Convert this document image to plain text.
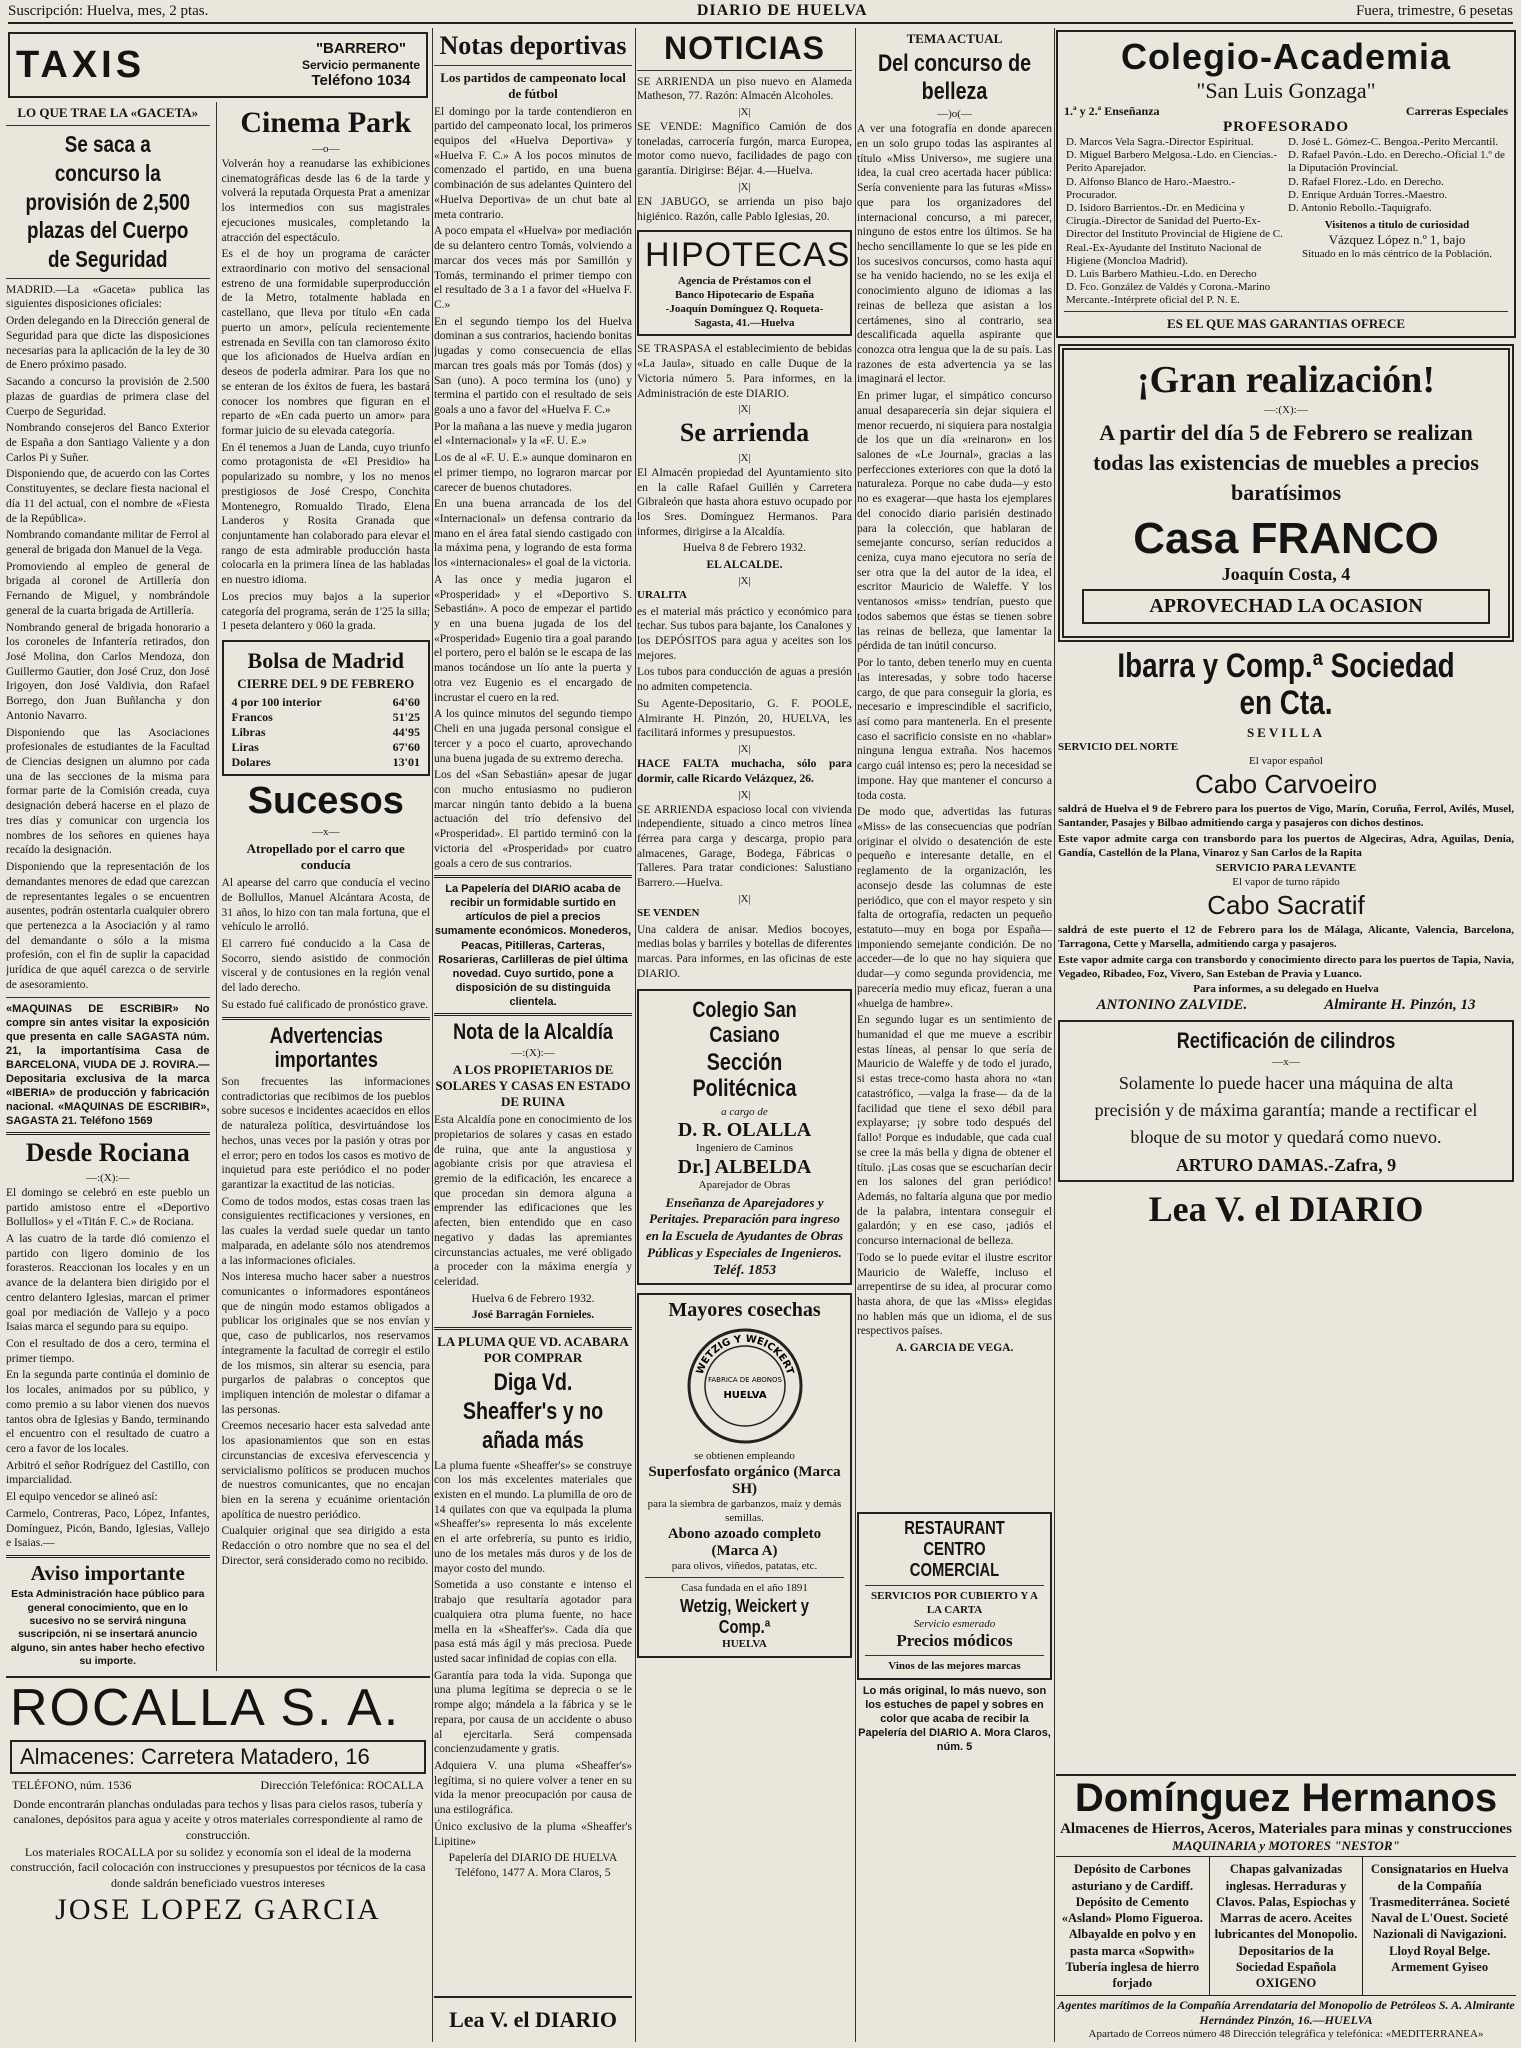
Suscripción: Huelva, mes, 2 ptas.	DIARIO DE HUELVA	Fuera, trimestre, 6 pesetas
TAXIS	"BARRERO"
Servicio permanente
Teléfono 1034
LO QUE TRAE LA «GACETA»
Se saca a concurso la provisión de 2,500 plazas del Cuerpo de Seguridad

MADRID.—La «Gaceta» publica las siguientes disposiciones oficiales:

Orden delegando en la Dirección general de Seguridad para que dicte las disposiciones necesarias para la aplicación de la ley de 30 de Enero próximo pasado.

Sacando a concurso la provisión de 2.500 plazas de guardias de primera clase del Cuerpo de Seguridad.

Nombrando consejeros del Banco Exterior de España a don Santiago Valiente y a don Carlos Pi y Suñer.

Disponiendo que, de acuerdo con las Cortes Constituyentes, se declare fiesta nacional el día 11 del actual, con el nombre de «Fiesta de la República».

Nombrando comandante militar de Ferrol al general de brigada don Manuel de la Vega.

Promoviendo al empleo de general de brigada al coronel de Artillería don Fernando de Miguel, y nombrándole general de la cuarta brigada de Artillería.

Nombrando general de brigada honorario a los coroneles de Infantería retirados, don José Molina, don Carlos Mendoza, don Guillermo Gautier, don José Cruz, don José Irigoyen, don José Valdivia, don Rafael Borrego, don Juan Buñlancha y don Antonio Navarro.

Disponiendo que las Asociaciones profesionales de estudiantes de la Facultad de Ciencias designen un alumno por cada una de las secciones de la misma para formar parte de la Comisión creada, cuya designación deberá hacerse en el plazo de tres días y comunicar con urgencia los nombres de los señores en quienes haya recaído la designación.

Disponiendo que la representación de los demandantes menores de edad que carezcan de representantes legales o se encuentren ausentes, podrán ostentarla cualquier obrero que pertenezca a la Asociación y al ramo del demandante o sólo a la misma profesión, con el fin de suplir la capacidad jurídica de que aquél carezca o de servirle de asesoramiento.

«MAQUINAS DE ESCRIBIR» No compre sin antes visitar la exposición que presenta en calle SAGASTA núm. 21, la importantísima Casa de BARCELONA, VIUDA DE J. ROVIRA.—Depositaria exclusiva de la marca «IBERIA» de producción y fabricación nacional. «MAQUINAS DE ESCRIBIR», SAGASTA 21. Teléfono 1569

Desde Rociana
—:(X):—

El domingo se celebró en este pueblo un partido amistoso entre el «Deportivo Bollullos» y el «Titán F. C.» de Rociana.

A las cuatro de la tarde dió comienzo el partido con ligero dominio de los forasteros. Reaccionan los locales y en un avance de la delantera bien dirigido por el centro delantero Iglesias, marcan el primer goal por mediación de Vallejo y a poco Isaias marca el segundo para su equipo.

Con el resultado de dos a cero, termina el primer tiempo.

En la segunda parte continúa el dominio de los locales, animados por su público, y como premio a su labor vienen dos nuevos tantos obra de Iglesias y Bando, terminando el encuentro con el resultado de cuatro a cero a favor de los locales.

Arbitró el señor Rodríguez del Castillo, con imparcialidad.

El equipo vencedor se alineó así:

Carmelo, Contreras, Paco, López, Infantes, Domínguez, Picón, Bando, Iglesias, Vallejo e Isaias.—

Aviso importante

Esta Administración hace público para general conocimiento, que en lo sucesivo no se servirá ninguna suscripción, ni se insertará anuncio alguno, sin antes haber hecho efectivo su importe.

Cinema Park
—o—

Volverán hoy a reanudarse las exhibiciones cinematográficas desde las 6 de la tarde y volverá la reputada Orquesta Prat a amenizar los intermedios con sus magistrales ejecuciones musicales, completando la atracción del espectáculo.

Es el de hoy un programa de carácter extraordinario con motivo del sensacional estreno de una formidable superproducción de la Metro, totalmente hablada en castellano, que lleva por título «En cada puerto un amor», película recientemente estrenada en Sevilla con tan clamoroso éxito que los aficionados de Huelva ardían en deseos de poderla admirar. Para los que no se enteran de los éxitos de fuera, les bastará conocer los nombres que figuran en el reparto de «En cada puerto un amor» para formar juicio de su elevada categoría.

En él tenemos a Juan de Landa, cuyo triunfo como protagonista de «El Presidio» ha popularizado su nombre, y los no menos prestigiosos de José Crespo, Conchita Montenegro, Romualdo Tirado, Elena Landeros y Rosita Granada que conjuntamente han colaborado para elevar el rango de esta admirable producción hasta colocarla en la primera línea de las habladas en nuestro idioma.

Los precios muy bajos a la superior categoría del programa, serán de 1'25 la silla; 1 peseta delantero y 060 la grada.

Bolsa de Madrid
CIERRE DEL 9 DE FEBRERO
4 por 100 interior	64'60
Francos	51'25
Libras	44'95
Liras	67'60
Dolares	13'01
Sucesos
—x—
Atropellado por el carro que conducía

Al apearse del carro que conducía el vecino de Bollullos, Manuel Alcántara Acosta, de 31 años, lo hizo con tan mala fortuna, que el vehículo le arrolló.

El carrero fué conducido a la Casa de Socorro, siendo asistido de conmoción visceral y de contusiones en la región venal del lado derecho.

Su estado fué calificado de pronóstico grave.

Advertencias importantes

Son frecuentes las informaciones contradictorias que recibimos de los pueblos sobre sucesos e incidentes acaecidos en ellos de naturaleza política, desvirtuándose los hechos, unas veces por la pasión y otras por el error; pero en todos los casos es motivo de inquietud para este periódico el no poder garantizar la exactitud de las noticias.

Como de todos modos, estas cosas traen las consiguientes rectificaciones y versiones, en las cuales la verdad suele quedar un tanto malparada, en adelante sólo nos atendremos a las informaciones oficiales.

Nos interesa mucho hacer saber a nuestros comunicantes o informadores espontáneos que de ningún modo estamos obligados a publicar los originales que se nos envían y que, caso de publicarlos, nos reservamos íntegramente la facultad de corregir el estilo de los mismos, sin alterar su esencia, para purgarlos de palabras o conceptos que impliquen intención de molestar o difamar a las personas.

Creemos necesario hacer esta salvedad ante los apasionamientos que son en estas circunstancias de excesiva efervescencia y servicialismo políticos se producen muchos de nuestros comunicantes, que no encajan bien en la serena y ecuánime orientación apolítica de nuestro periódico.

Cualquier original que sea dirigido a esta Redacción o otro nombre que no sea el del Director, será considerado como no recibido.

ROCALLA S. A.
Almacenes: Carretera Matadero, 16
TELÉFONO, núm. 1536	Dirección Telefónica: ROCALLA

Donde encontrarán planchas onduladas para techos y lisas para cielos rasos, tubería y canalones, depósitos para agua y aceite y otros materiales correspondiente al ramo de construcción.

Los materiales ROCALLA por su solidez y economía son el ideal de la moderna construcción, facil colocación con instrucciones y presupuestos por técnicos de la casa donde saldrán beneficiado vuestros intereses

JOSE LOPEZ GARCIA
Notas deportivas
Los partidos de campeonato local de fútbol

El domingo por la tarde contendieron en partido del campeonato local, los primeros equipos del «Huelva Deportiva» y «Huelva F. C.» A los pocos minutos de comenzado el partido, en una buena combinación de sus adelantes Quintero del «Huelva Deportiva» de un chut bate al meta contrario.

A poco empata el «Huelva» por mediación de su delantero centro Tomás, volviendo a marcar dos veces más por Samillón y Tomás, terminando el primer tiempo con el resultado de 3 a 1 a favor del «Huelva F. C.»

En el segundo tiempo los del Huelva dominan a sus contrarios, haciendo bonitas jugadas y como consecuencia de ellas marcan tres goals más por Tomás (dos) y San (uno). A poco termina los (uno) y termina el partido con el resultado de seis goals a uno a favor del «Huelva F. C.»

Por la mañana a las nueve y media jugaron el «Internacional» y la «F. U. E.»

Los de al «F. U. E.» aunque dominaron en el primer tiempo, no lograron marcar por carecer de buenos chutadores.

En una buena arrancada de los del «Internacional» un defensa contrario da mano en el área fatal siendo castigado con la máxima pena, y logrando de esta forma los «internacionales» el goal de la victoria.

A las once y media jugaron el «Prosperidad» y el «Deportivo S. Sebastián». A poco de empezar el partido y en una buena jugada de los del «Prosperidad» Eugenio tira a goal parando el portero, pero el balón se le escapa de las manos tocándose un lío ante la puerta y otra vez Eugenio es el encargado de incrustar el cuero en la red.

A los quince minutos del segundo tiempo Cheli en una jugada personal consigue el tercer y a poco el cuarto, aprovechando una buena jugada de su extremo derecha.

Los del «San Sebastián» apesar de jugar con mucho entusiasmo no pudieron marcar ningún tanto debido a la buena actuación del trío defensivo del «Prosperidad». El partido terminó con la victoria del «Prosperidad» por cuatro goals a cero de sus contrarios.

La Papelería del DIARIO acaba de recibir un formidable surtido en artículos de piel a precios sumamente económicos. Monederos, Peacas, Pitilleras, Carteras, Rosarieras, Carlilleras de piel última novedad. Cuyo surtido, pone a disposición de su distinguida clientela.

Nota de la Alcaldía
—:(X):—
A LOS PROPIETARIOS DE SOLARES Y CASAS EN ESTADO DE RUINA

Esta Alcaldía pone en conocimiento de los propietarios de solares y casas en estado de ruina, que ante la angustiosa y agobiante crisis por que atraviesa el gremio de la edificación, les encarece a que procedan sin demora alguna a emprender las edificaciones que les afecten, bien entendido que en caso negativo y dadas las apremiantes circunstancias actuales, me veré obligado a proceder con la máxima energía y celeridad.

Huelva 6 de Febrero 1932.

José Barragán Fornieles.

LA PLUMA QUE VD. ACABARA POR COMPRAR
Diga Vd. Sheaffer's y no añada más

La pluma fuente «Sheaffer's» se construye con los más excelentes materiales que existen en el mundo. La plumilla de oro de 14 quilates con que va equipada la pluma «Sheaffer's» representa lo más excelente en el arte orfebrería, su punto es iridio, uno de los metales más duros y de los de mayor costo del mundo.

Sometida a uso constante e intenso el trabajo que resultaría agotador para cualquiera otra pluma fuente, no hace mella en la «Sheaffer's». Cada día que pasa está más ágil y más preciosa. Puede usted sacar infinidad de copias con ella.

Garantía para toda la vida. Suponga que una pluma legítima se deprecia o se le rompe algo; mándela a la fábrica y se le repara, por causa de un accidente o abuso al ejercitarla. Será compensada concienzudamente y gratis.

Adquiera V. una pluma «Sheaffer's» legítima, si no quiere volver a tener en su vida la menor preocupación por causa de una estilográfica.

Único exclusivo de la pluma «Sheaffer's Lipitine»

Papelería del DIARIO DE HUELVA Teléfono, 1477 A. Mora Claros, 5

Lea V. el DIARIO
NOTICIAS

SE ARRIENDA un piso nuevo en Alameda Matheson, 77. Razón: Almacén Alcoholes.

|X|

SE VENDE: Magnífico Camión de dos toneladas, carrocería furgón, marca Europea, motor como nuevo, facilidades de pago con garantía. Dirigirse: Béjar. 4.—Huelva.

|X|

EN JABUGO, se arrienda un piso bajo higiénico. Razón, calle Pablo Iglesias, 20.

HIPOTECAS
Agencia de Préstamos con el
Banco Hipotecario de España
-Joaquín Domínguez Q. Roqueta- Sagasta, 41.—Huelva

SE TRASPASA el establecimiento de bebidas «La Jaula», situado en calle Duque de la Victoria número 5. Para informes, en la Administración de este DIARIO.

|X|
Se arrienda
|X|

El Almacén propiedad del Ayuntamiento sito en la calle Rafael Guillén y Carretera Gibraleón que hasta ahora estuvo ocupado por los Sres. Domínguez Hermanos. Para informes, dirigirse a la Alcaldía.

Huelva 8 de Febrero 1932.

EL ALCALDE.

|X|
URALITA

es el material más práctico y económico para techar. Sus tubos para bajante, los Canalones y los DEPÓSITOS para agua y aceites son los mejores.

Los tubos para conducción de aguas a presión no admiten competencia.

Su Agente-Depositario, G. F. POOLE, Almirante H. Pinzón, 20, HUELVA, les facilitará informes y presupuestos.

|X|

HACE FALTA muchacha, sólo para dormir, calle Ricardo Velázquez, 26.

|X|

SE ARRIENDA espacioso local con vivienda independiente, situado a cinco metros línea férrea para carga y descarga, propio para almacenes, Garage, Bodega, Fábricas o Talleres. Para tratar condiciones: Salustiano Barrero.—Huelva.

|X|
SE VENDEN

Una caldera de anisar. Medios bocoyes, medias bolas y barriles y botellas de diferentes marcas. Para informes, en las oficinas de este DIARIO.

Colegio San Casiano
Sección Politécnica
a cargo de
D. R. OLALLA
Ingeniero de Caminos
Dr.] ALBELDA
Aparejador de Obras

Enseñanza de Aparejadores y Peritajes. Preparación para ingreso en la Escuela de Ayudantes de Obras Públicas y Especiales de Ingenieros.

Teléf. 1853
Mayores cosechas
WETZIG Y WEICKERT
FABRICA DE ABONOS
HUELVA
se obtienen empleando
Superfosfato orgánico (Marca SH)
para la siembra de garbanzos, maíz y demás semillas.
Abono azoado completo (Marca A)
para olivos, viñedos, patatas, etc.
Casa fundada en el año 1891
Wetzig, Weickert y Comp.ª
HUELVA
TEMA ACTUAL
Del concurso de belleza
—)o(—

A ver una fotografía en donde aparecen en un solo grupo todas las aspirantes al título «Miss Universo», me sugiere una idea, la cual creo acertada hacer pública: Sería conveniente para las futuras «Miss» que para los organizadores del internacional concurso, a mi parecer, ninguno de estos entre los últimos. Se ha hecho sencillamente lo que se les pide en los sucesivos concursos, como hasta aquí se ha venido haciendo, no se les exija el conocimiento alguno de idiomas a las reinas de belleza que asistan a los certámenes, sino al contrario, sea descalificada aquella aspirante que conozca otra lengua que la de su país. Las razones de esta advertencia ya se las imaginará el lector.

En primer lugar, el simpático concurso anual desaparecería sin dejar siquiera el menor recuerdo, ni siquiera para nostalgia de los que un día «reinaron» en los salones de «Le Journal», gracias a las perfecciones exteriores con que la dotó la naturaleza. Porque no cabe duda—y esto no es exagerar—que hasta los ejemplares del conocido diario parisién destinado para la colección, que hablaran de semejante concurso, serían reducidos a ceniza, cuya mano ejecutora no sería de ser otra que la del autor de la idea, el escritor Mauricio de Waleffe. Y los ventanosos «miss» tendrían, puesto que todos sabemos que éstas se tienen sobre las reinas de belleza, que lamentar la pérdida de tan inútil concurso.

Por lo tanto, deben tenerlo muy en cuenta las interesadas, y sobre todo hacerse cargo, de que para conseguir la gloria, es necesario e imprescindible el sacrificio, así como para mantenerla. En el presente caso el sacrificio consiste en no «hablar» ninguna lengua extraña. Nos hacemos cargo cuál intenso es; pero la necesidad se impone. Hay que mantener el concurso a toda costa.

De modo que, advertidas las futuras «Miss» de las consecuencias que podrían originar el olvido o desatención de este pequeño e interesante detalle, en el reglamento de la organización, les aconsejo desde las columnas de este periódico, que con el mayor respeto y sin falta de ortografía, redacten un pequeño estatuto—muy en boga por España—imponiendo semejante condición. De no acceder—de lo que no hay siquiera que dudar—y como segunda providencia, me parecería medio muy eficaz, fueran a una «huelga de hambre».

En segundo lugar es un sentimiento de humanidad el que me mueve a escribir estas líneas, al pensar lo que sería de Mauricio de Waleffe y de todo el jurado, si estas trece-como hasta ahora no «tan catastrófico, —valga la frase— da de la facilidad que tiene el sexo débil para explayarse; ¡y sobre todo después del fallo! Porque es indudable, que cada cual se cree la más bella y digna de obtener el título. ¡Las cosas que se escucharían decir en los salones del gran periódico! Además, no faltaría alguna que por medio de la palabra, intentara conseguir el galardón; y en ese caso, ¡adiós el concurso internacional de belleza.

Todo se lo puede evitar el ilustre escritor Mauricio de Waleffe, incluso el arrepentirse de su idea, al procurar como hasta ahora, de que las «Miss» elegidas no hablen más que un idioma, el de sus respectivos países.

A. GARCIA DE VEGA.

RESTAURANT CENTRO COMERCIAL
SERVICIOS POR CUBIERTO Y A LA CARTA
Servicio esmerado
Precios módicos
Vinos de las mejores marcas

Lo más original, lo más nuevo, son los estuches de papel y sobres en color que acaba de recibir la Papelería del DIARIO A. Mora Claros, núm. 5

Colegio-Academia
"San Luis Gonzaga"
1.ª y 2.ª Enseñanza	Carreras Especiales
PROFESORADO
D. Marcos Vela Sagra.-Director Espiritual.
D. Miguel Barbero Melgosa.-Ldo. en Ciencias.-Perito Aparejador.
D. Alfonso Blanco de Haro.-Maestro.-Procurador.
D. Isidoro Barrientos.-Dr. en Medicina y Cirugía.-Director de Sanidad del Puerto-Ex-Director del Instituto Provincial de Higiene de C. Real.-Ex-Ayudante del Instituto Nacional de Higiene (Moncloa Madrid).
D. Luis Barbero Mathieu.-Ldo. en Derecho
D. Fco. González de Valdés y Corona.-Marino Mercante.-Intérprete oficial del P. N. E.

D. José L. Gómez-C. Bengoa.-Perito Mercantil.
D. Rafael Pavón.-Ldo. en Derecho.-Oficial 1.º de la Diputación Provincial.
D. Rafael Florez.-Ldo. en Derecho.
D. Enrique Arduán Torres.-Maestro.
D. Antonio Rebollo.-Taquígrafo.
Visitenos a titulo de curiosidad
Vázquez López n.º 1, bajo
Situado en lo más céntrico de la Población.
ES EL QUE MAS GARANTIAS OFRECE
¡Gran realización!
—:(X):—
A partir del día 5 de Febrero se realizan todas las existencias de muebles a precios baratísimos
Casa FRANCO
Joaquín Costa, 4
APROVECHAD LA OCASION
Ibarra y Comp.ª Sociedad en Cta.
SEVILLA
SERVICIO DEL NORTE
El vapor español
Cabo Carvoeiro

saldrá de Huelva el 9 de Febrero para los puertos de Vigo, Marín, Coruña, Ferrol, Avilés, Musel, Santander, Pasajes y Bilbao admitiendo carga y pasajeros con dichos destinos.

Este vapor admite carga con transbordo para los puertos de Algeciras, Adra, Aguilas, Denia, Gandía, Castellón de la Plana, Vinaroz y San Carlos de la Rapita

SERVICIO PARA LEVANTE
El vapor de turno rápido
Cabo Sacratif

saldrá de este puerto el 12 de Febrero para los de Málaga, Alicante, Valencia, Barcelona, Tarragona, Cette y Marsella, admitiendo carga y pasajeros.

Este vapor admite carga con transbordo y conocimiento directo para los puertos de Tapia, Navia, Vegadeo, Ribadeo, Foz, Vivero, San Esteban de Pravia y Luanco.

Para informes, a su delegado en Huelva
ANTONINO ZALVIDE.	Almirante H. Pinzón, 13
Rectificación de cilindros
—x—
Solamente lo puede hacer una máquina de alta precisión y de máxima garantía; mande a rectificar el bloque de su motor y quedará como nuevo.
ARTURO DAMAS.-Zafra, 9
Lea V. el DIARIO
Domínguez Hermanos
Almacenes de Hierros, Aceros, Materiales para minas y construcciones
MAQUINARIA y MOTORES "NESTOR"
Depósito de Carbones asturiano y de Cardiff. Depósito de Cemento «Asland» Plomo Figueroa. Albayalde en polvo y en pasta marca «Sopwith» Tubería inglesa de hierro forjado
Chapas galvanizadas inglesas. Herraduras y Clavos. Palas, Espiochas y Marras de acero. Aceites lubricantes del Monopolio. Depositarios de la Sociedad Española OXIGENO
Consignatarios en Huelva de la Compañía Trasmediterránea. Societé Naval de L'Ouest. Societé Nazionali di Navigazioni. Lloyd Royal Belge. Armement Gyiseo
Agentes marítimos de la Compañía Arrendataria del Monopolio de Petróleos S. A. Almirante Hernández Pinzón, 16.—HUELVA
Apartado de Correos número 48 Dirección telegráfica y telefónica: «MEDITERRANEA»
